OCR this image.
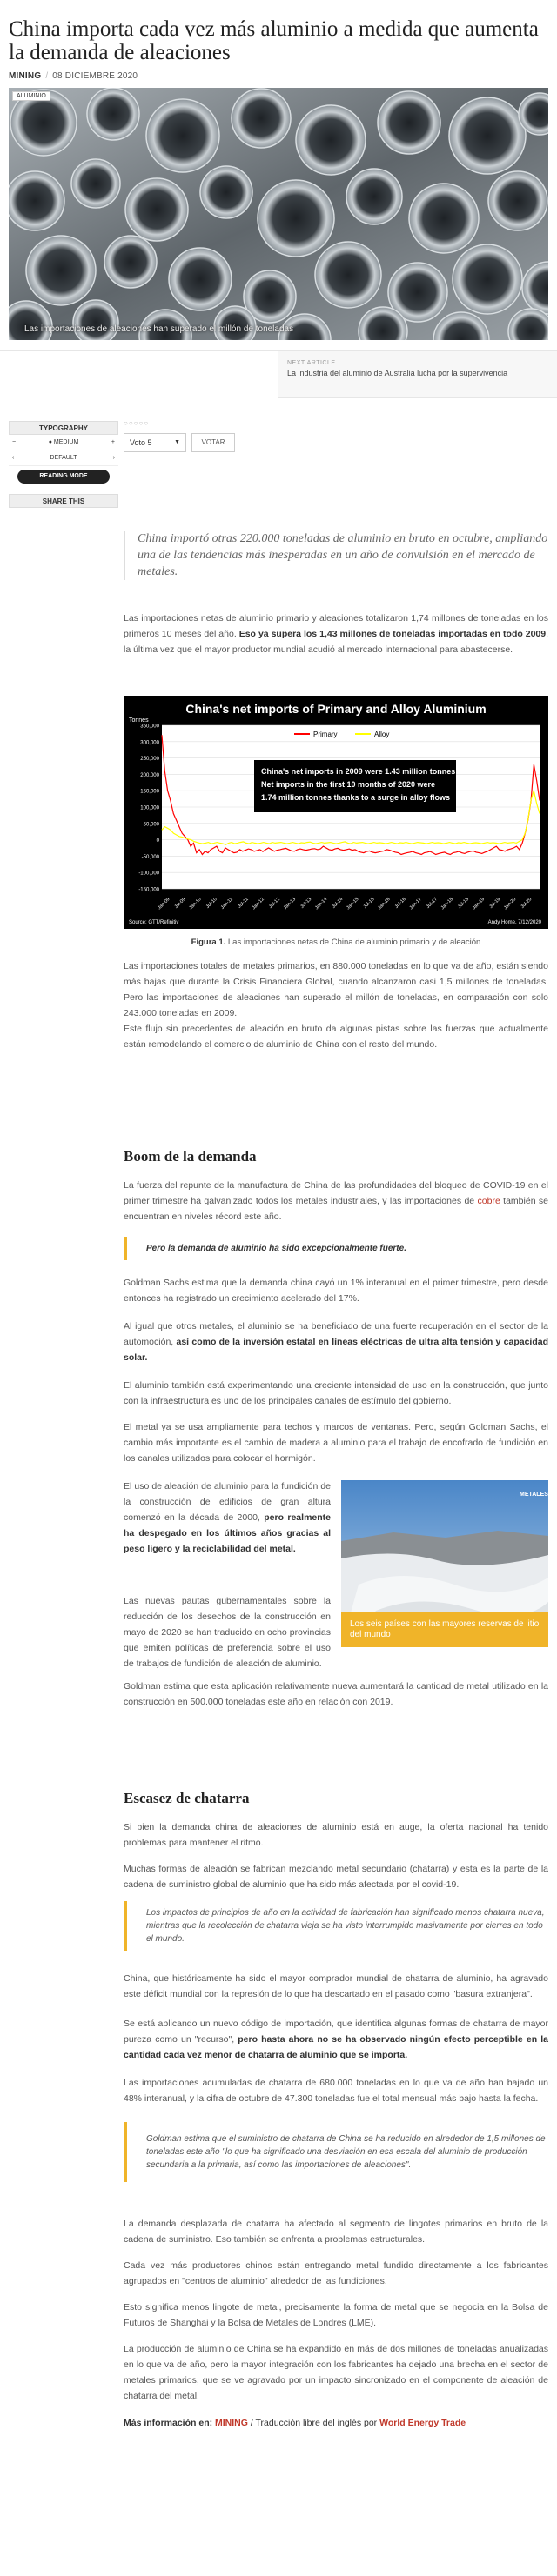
China importa cada vez más aluminio a medida que aumenta la demanda de aleaciones
MINING / 08 DICIEMBRE 2020
ALUMINIO
Las importaciones de aleaciones han superado el millón de toneladas
NEXT ARTICLE
La industria del aluminio de Australia lucha por la supervivencia
TYPOGRAPHY
−	● MEDIUM	+
‹	DEFAULT	›
READING MODE
SHARE THIS
○○○○○
Voto 5	▼	VOTAR

China importó otras 220.000 toneladas de aluminio en bruto en octubre, ampliando una de las tendencias más inesperadas en un año de convulsión en el mercado de metales.

Las importaciones netas de aluminio primario y aleaciones totalizaron 1,74 millones de toneladas en los primeros 10 meses del año. Eso ya supera los 1,43 millones de toneladas importadas en todo 2009, la última vez que el mayor productor mundial acudió al mercado internacional para abastecerse.

China's net imports of Primary and Alloy Aluminium
Tonnes
350,000
300,000
250,000
200,000
150,000
100,000
50,000
0
-50,000
-100,000
-150,000
Jan-09 Jul-09 Jan-10 Jul-10 Jan-11 Jul-11 Jan-12 Jul-12 Jan-13 Jul-13 Jan-14 Jul-14 Jan-15 Jul-15 Jan-16 Jul-16 Jan-17 Jul-17 Jan-18 Jul-18 Jan-19 Jul-19 Jan-20 Jul-20
Primary	Alloy
China's net imports in 2009 were 1.43 million tonnes
Net imports in the first 10 months of 2020 were
1.74 million tonnes thanks to a surge in alloy flows
Source: GTT/Refinitiv	Andy Home, 7/12/2020
Figura 1. Las importaciones netas de China de aluminio primario y de aleación

Las importaciones totales de metales primarios, en 880.000 toneladas en lo que va de año, están siendo más bajas que durante la Crisis Financiera Global, cuando alcanzaron casi 1,5 millones de toneladas. Pero las importaciones de aleaciones han superado el millón de toneladas, en comparación con solo 243.000 toneladas en 2009.

Este flujo sin precedentes de aleación en bruto da algunas pistas sobre las fuerzas que actualmente están remodelando el comercio de aluminio de China con el resto del mundo.

Boom de la demanda

La fuerza del repunte de la manufactura de China de las profundidades del bloqueo de COVID-19 en el primer trimestre ha galvanizado todos los metales industriales, y las importaciones de cobre también se encuentran en niveles récord este año.

Pero la demanda de aluminio ha sido excepcionalmente fuerte.

Goldman Sachs estima que la demanda china cayó un 1% interanual en el primer trimestre, pero desde entonces ha registrado un crecimiento acelerado del 17%.

Al igual que otros metales, el aluminio se ha beneficiado de una fuerte recuperación en el sector de la automoción, así como de la inversión estatal en líneas eléctricas de ultra alta tensión y capacidad solar.

El aluminio también está experimentando una creciente intensidad de uso en la construcción, que junto con la infraestructura es uno de los principales canales de estímulo del gobierno.

El metal ya se usa ampliamente para techos y marcos de ventanas. Pero, según Goldman Sachs, el cambio más importante es el cambio de madera a aluminio para el trabajo de encofrado de fundición en los canales utilizados para colocar el hormigón.

El uso de aleación de aluminio para la fundición de la construcción de edificios de gran altura comenzó en la década de 2000, pero realmente ha despegado en los últimos años gracias al peso ligero y la reciclabilidad del metal.

METALES
Los seis países con las mayores reservas de litio del mundo

Las nuevas pautas gubernamentales sobre la reducción de los desechos de la construcción en mayo de 2020 se han traducido en ocho provincias que emiten políticas de preferencia sobre el uso de trabajos de fundición de aleación de aluminio.

Goldman estima que esta aplicación relativamente nueva aumentará la cantidad de metal utilizado en la construcción en 500.000 toneladas este año en relación con 2019.

Escasez de chatarra

Si bien la demanda china de aleaciones de aluminio está en auge, la oferta nacional ha tenido problemas para mantener el ritmo.

Muchas formas de aleación se fabrican mezclando metal secundario (chatarra) y esta es la parte de la cadena de suministro global de aluminio que ha sido más afectada por el covid-19.

Los impactos de principios de año en la actividad de fabricación han significado menos chatarra nueva, mientras que la recolección de chatarra vieja se ha visto interrumpido masivamente por cierres en todo el mundo.

China, que históricamente ha sido el mayor comprador mundial de chatarra de aluminio, ha agravado este déficit mundial con la represión de lo que ha descartado en el pasado como "basura extranjera".

Se está aplicando un nuevo código de importación, que identifica algunas formas de chatarra de mayor pureza como un "recurso", pero hasta ahora no se ha observado ningún efecto perceptible en la cantidad cada vez menor de chatarra de aluminio que se importa.

Las importaciones acumuladas de chatarra de 680.000 toneladas en lo que va de año han bajado un 48% interanual, y la cifra de octubre de 47.300 toneladas fue el total mensual más bajo hasta la fecha.

Goldman estima que el suministro de chatarra de China se ha reducido en alrededor de 1,5 millones de toneladas este año "lo que ha significado una desviación en esa escala del aluminio de producción secundaria a la primaria, así como las importaciones de aleaciones".

La demanda desplazada de chatarra ha afectado al segmento de lingotes primarios en bruto de la cadena de suministro. Eso también se enfrenta a problemas estructurales.

Cada vez más productores chinos están entregando metal fundido directamente a los fabricantes agrupados en "centros de aluminio" alrededor de las fundiciones.

Esto significa menos lingote de metal, precisamente la forma de metal que se negocia en la Bolsa de Futuros de Shanghai y la Bolsa de Metales de Londres (LME).

La producción de aluminio de China se ha expandido en más de dos millones de toneladas anualizadas en lo que va de año, pero la mayor integración con los fabricantes ha dejado una brecha en el sector de metales primarios, que se ve agravado por un impacto sincronizado en el componente de aleación de chatarra del metal.

Más información en: MINING / Traducción libre del inglés por World Energy Trade
